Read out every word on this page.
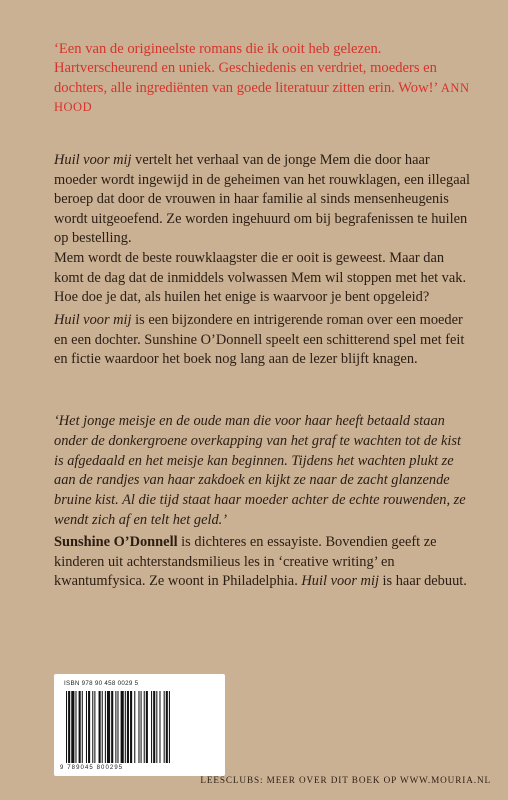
‘Een van de origineelste romans die ik ooit heb gelezen. Hartverscheurend en uniek. Geschiedenis en verdriet, moeders en dochters, alle ingrediënten van goede literatuur zitten erin. Wow!’ ANN HOOD
Huil voor mij vertelt het verhaal van de jonge Mem die door haar moeder wordt ingewijd in de geheimen van het rouwklagen, een illegaal beroep dat door de vrouwen in haar familie al sinds mensenheugenis wordt uitgeoefend. Ze worden ingehuurd om bij begrafenissen te huilen op bestelling.
Mem wordt de beste rouwklaagster die er ooit is geweest. Maar dan komt de dag dat de inmiddels volwassen Mem wil stoppen met het vak. Hoe doe je dat, als huilen het enige is waarvoor je bent opgeleid?
Huil voor mij is een bijzondere en intrigerende roman over een moeder en een dochter. Sunshine O’Donnell speelt een schitterend spel met feit en fictie waardoor het boek nog lang aan de lezer blijft knagen.
‘Het jonge meisje en de oude man die voor haar heeft betaald staan onder de donkergroene overkapping van het graf te wachten tot de kist is afgedaald en het meisje kan beginnen. Tijdens het wachten plukt ze aan de randjes van haar zakdoek en kijkt ze naar de zacht glanzende bruine kist. Al die tijd staat haar moeder achter de echte rouwenden, ze wendt zich af en telt het geld.’
Sunshine O’Donnell is dichteres en essayiste. Bovendien geeft ze kinderen uit achterstandsmilieus les in ‘creative writing’ en kwantumfysica. Ze woont in Philadelphia. Huil voor mij is haar debuut.
ISBN 978 90 458 0029 5
9 789045 800295
LEESCLUBS: MEER OVER DIT BOEK OP WWW.MOURIA.NL
